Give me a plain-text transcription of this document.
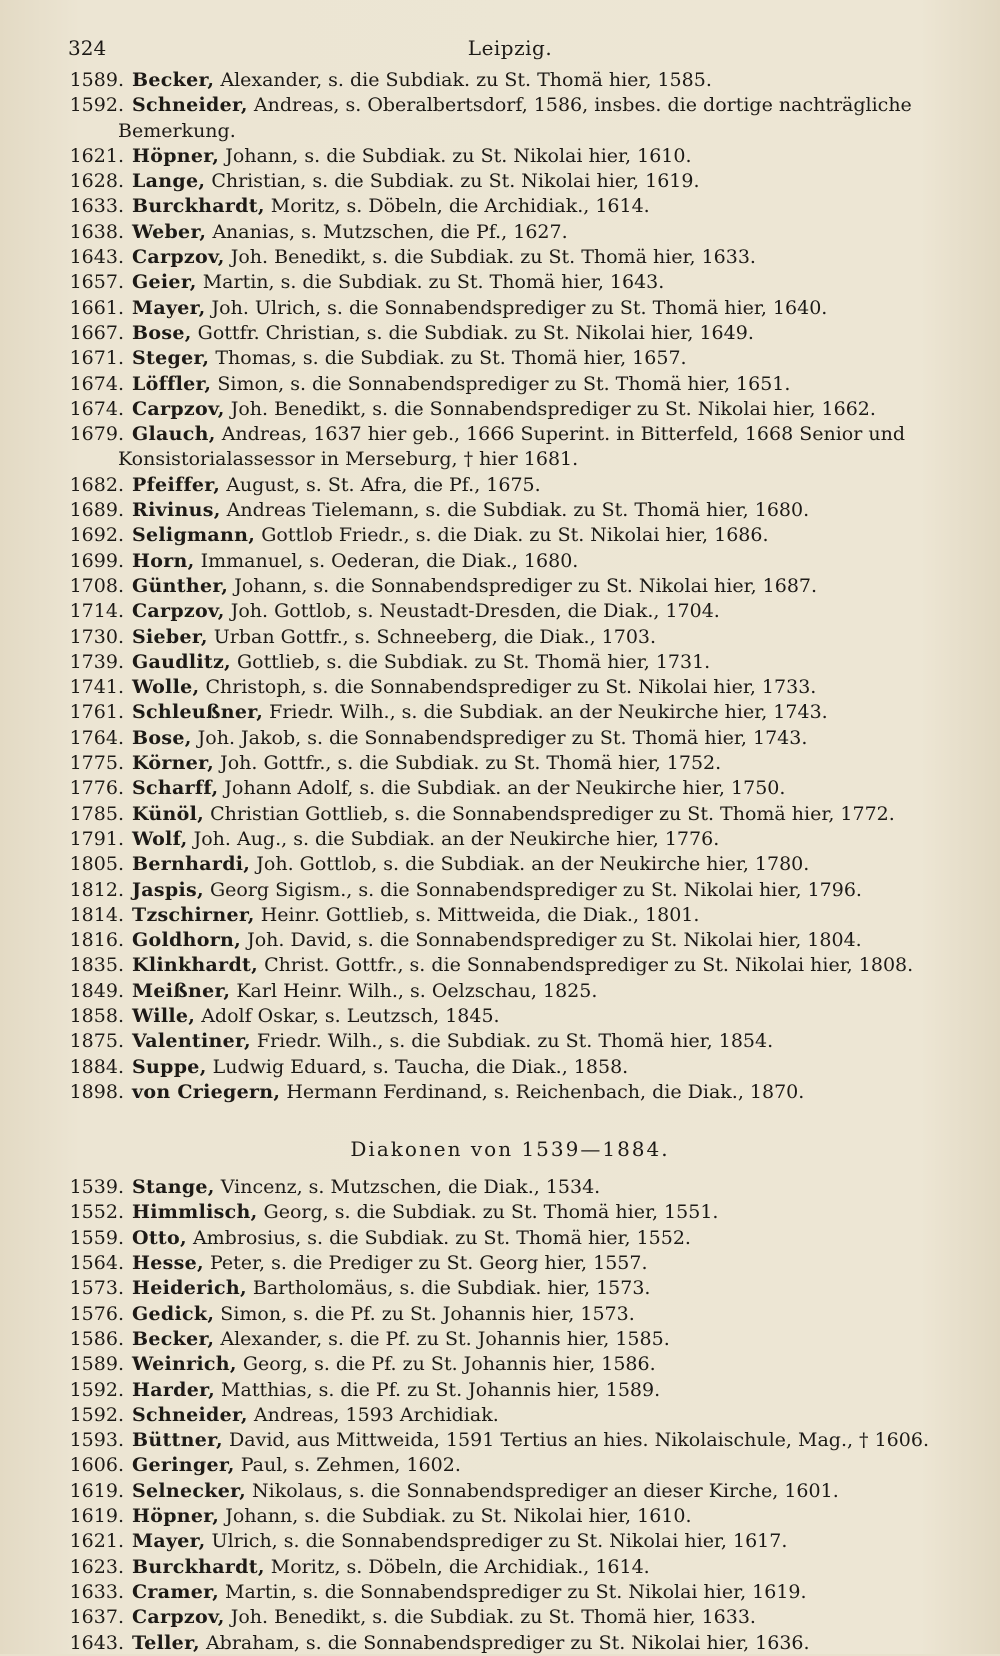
324	Leipzig.
1589. Becker, Alexander, s. die Subdiak. zu St. Thomä hier, 1585.
1592. Schneider, Andreas, s. Oberalbertsdorf, 1586, insbes. die dortige nachträgliche Bemerkung.
1621. Höpner, Johann, s. die Subdiak. zu St. Nikolai hier, 1610.
1628. Lange, Christian, s. die Subdiak. zu St. Nikolai hier, 1619.
1633. Burckhardt, Moritz, s. Döbeln, die Archidiak., 1614.
1638. Weber, Ananias, s. Mutzschen, die Pf., 1627.
1643. Carpzov, Joh. Benedikt, s. die Subdiak. zu St. Thomä hier, 1633.
1657. Geier, Martin, s. die Subdiak. zu St. Thomä hier, 1643.
1661. Mayer, Joh. Ulrich, s. die Sonnabendsprediger zu St. Thomä hier, 1640.
1667. Bose, Gottfr. Christian, s. die Subdiak. zu St. Nikolai hier, 1649.
1671. Steger, Thomas, s. die Subdiak. zu St. Thomä hier, 1657.
1674. Löffler, Simon, s. die Sonnabendsprediger zu St. Thomä hier, 1651.
1674. Carpzov, Joh. Benedikt, s. die Sonnabendsprediger zu St. Nikolai hier, 1662.
1679. Glauch, Andreas, 1637 hier geb., 1666 Superint. in Bitterfeld, 1668 Senior und Konsistorialassessor in Merseburg, † hier 1681.
1682. Pfeiffer, August, s. St. Afra, die Pf., 1675.
1689. Rivinus, Andreas Tielemann, s. die Subdiak. zu St. Thomä hier, 1680.
1692. Seligmann, Gottlob Friedr., s. die Diak. zu St. Nikolai hier, 1686.
1699. Horn, Immanuel, s. Oederan, die Diak., 1680.
1708. Günther, Johann, s. die Sonnabendsprediger zu St. Nikolai hier, 1687.
1714. Carpzov, Joh. Gottlob, s. Neustadt-Dresden, die Diak., 1704.
1730. Sieber, Urban Gottfr., s. Schneeberg, die Diak., 1703.
1739. Gaudlitz, Gottlieb, s. die Subdiak. zu St. Thomä hier, 1731.
1741. Wolle, Christoph, s. die Sonnabendsprediger zu St. Nikolai hier, 1733.
1761. Schleußner, Friedr. Wilh., s. die Subdiak. an der Neukirche hier, 1743.
1764. Bose, Joh. Jakob, s. die Sonnabendsprediger zu St. Thomä hier, 1743.
1775. Körner, Joh. Gottfr., s. die Subdiak. zu St. Thomä hier, 1752.
1776. Scharff, Johann Adolf, s. die Subdiak. an der Neukirche hier, 1750.
1785. Künöl, Christian Gottlieb, s. die Sonnabendsprediger zu St. Thomä hier, 1772.
1791. Wolf, Joh. Aug., s. die Subdiak. an der Neukirche hier, 1776.
1805. Bernhardi, Joh. Gottlob, s. die Subdiak. an der Neukirche hier, 1780.
1812. Jaspis, Georg Sigism., s. die Sonnabendsprediger zu St. Nikolai hier, 1796.
1814. Tzschirner, Heinr. Gottlieb, s. Mittweida, die Diak., 1801.
1816. Goldhorn, Joh. David, s. die Sonnabendsprediger zu St. Nikolai hier, 1804.
1835. Klinkhardt, Christ. Gottfr., s. die Sonnabendsprediger zu St. Nikolai hier, 1808.
1849. Meißner, Karl Heinr. Wilh., s. Oelzschau, 1825.
1858. Wille, Adolf Oskar, s. Leutzsch, 1845.
1875. Valentiner, Friedr. Wilh., s. die Subdiak. zu St. Thomä hier, 1854.
1884. Suppe, Ludwig Eduard, s. Taucha, die Diak., 1858.
1898. von Criegern, Hermann Ferdinand, s. Reichenbach, die Diak., 1870.
Diakonen von 1539—1884.
1539. Stange, Vincenz, s. Mutzschen, die Diak., 1534.
1552. Himmlisch, Georg, s. die Subdiak. zu St. Thomä hier, 1551.
1559. Otto, Ambrosius, s. die Subdiak. zu St. Thomä hier, 1552.
1564. Hesse, Peter, s. die Prediger zu St. Georg hier, 1557.
1573. Heiderich, Bartholomäus, s. die Subdiak. hier, 1573.
1576. Gedick, Simon, s. die Pf. zu St. Johannis hier, 1573.
1586. Becker, Alexander, s. die Pf. zu St. Johannis hier, 1585.
1589. Weinrich, Georg, s. die Pf. zu St. Johannis hier, 1586.
1592. Harder, Matthias, s. die Pf. zu St. Johannis hier, 1589.
1592. Schneider, Andreas, 1593 Archidiak.
1593. Büttner, David, aus Mittweida, 1591 Tertius an hies. Nikolaischule, Mag., † 1606.
1606. Geringer, Paul, s. Zehmen, 1602.
1619. Selnecker, Nikolaus, s. die Sonnabendsprediger an dieser Kirche, 1601.
1619. Höpner, Johann, s. die Subdiak. zu St. Nikolai hier, 1610.
1621. Mayer, Ulrich, s. die Sonnabendsprediger zu St. Nikolai hier, 1617.
1623. Burckhardt, Moritz, s. Döbeln, die Archidiak., 1614.
1633. Cramer, Martin, s. die Sonnabendsprediger zu St. Nikolai hier, 1619.
1637. Carpzov, Joh. Benedikt, s. die Subdiak. zu St. Thomä hier, 1633.
1643. Teller, Abraham, s. die Sonnabendsprediger zu St. Nikolai hier, 1636.
